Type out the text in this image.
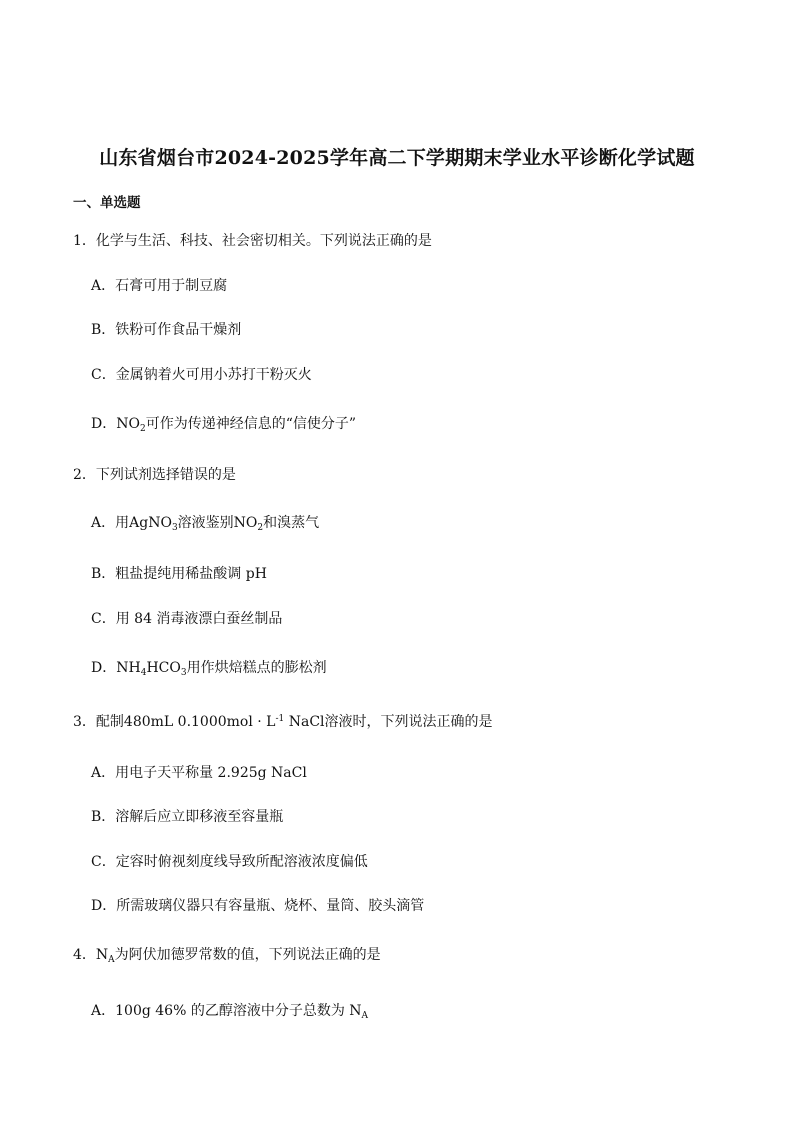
山东省烟台市2024-2025学年高二下学期期末学业水平诊断化学试题
一、单选题
1．化学与生活、科技、社会密切相关。下列说法正确的是
A．石膏可用于制豆腐
B．铁粉可作食品干燥剂
C．金属钠着火可用小苏打干粉灭火
D．$NO_2$可作为传递神经信息的“信使分子”
2．下列试剂选择错误的是
A．用AgNO$_3$溶液鉴别$NO_2$和溴蒸气
B．粗盐提纯用稀盐酸调 pH
C．用 84 消毒液漂白蚕丝制品
D．$NH_4HCO_3$用作烘焙糕点的膨松剂
3．配制480mL $0.1000mol \cdot L^{-1}$ NaCl溶液时，下列说法正确的是
A．用电子天平称量 2.925g NaCl
B．溶解后应立即移液至容量瓶
C．定容时俯视刻度线导致所配溶液浓度偏低
D．所需玻璃仪器只有容量瓶、烧杯、量筒、胶头滴管
4．$N_A$为阿伏加德罗常数的值，下列说法正确的是
A．100g 46% 的乙醇溶液中分子总数为 $N_A$
